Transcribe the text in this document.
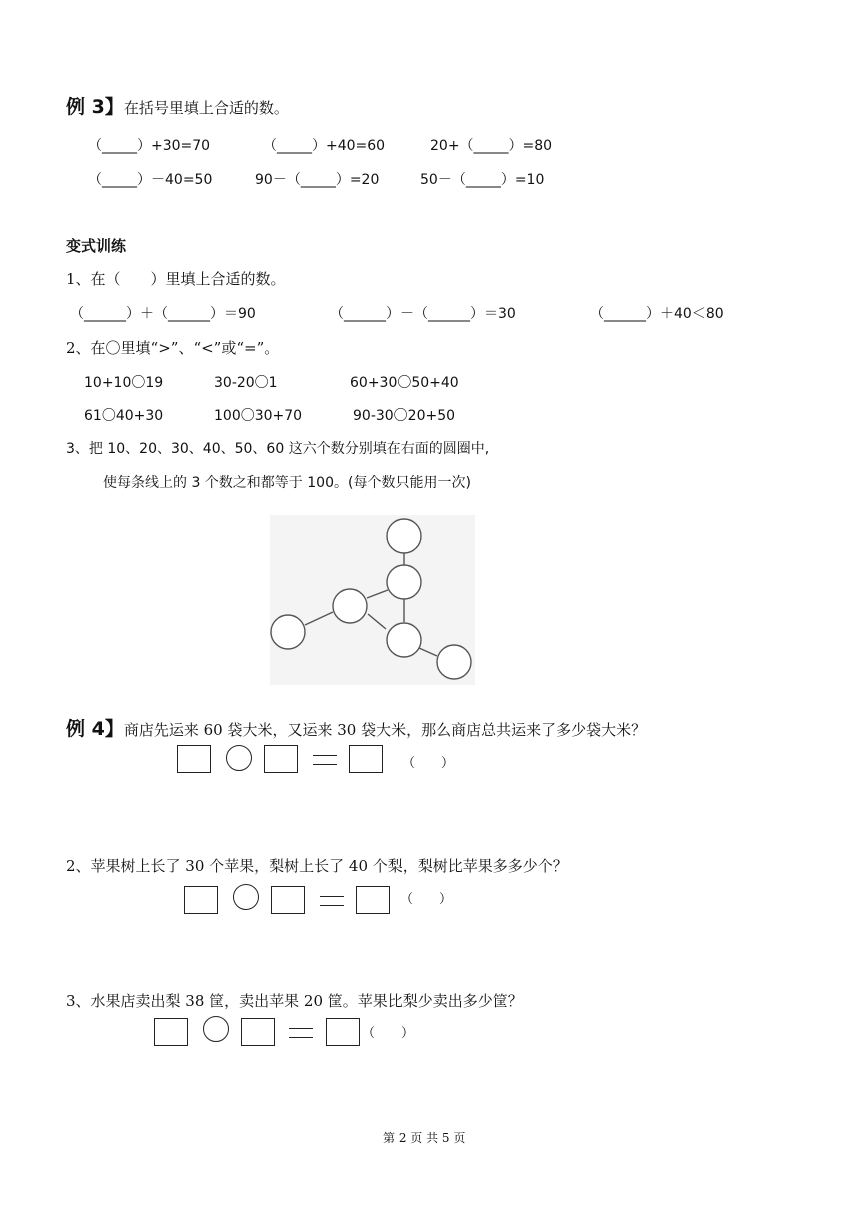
例 3】在括号里填上合适的数。
（_____）+30=70	（_____）+40=60	20+（_____）=80
（_____）－40=50	90－（_____）=20	50－（_____）=10
变式训练
1、在（　　）里填上合适的数。
（______）＋（______）＝90	（______）－（______）＝30	（______）＋40＜80
2、在〇里填“>”、“<”或“=”。
10+10〇19	30-20〇1	60+30〇50+40
61〇40+30	100〇30+70	90-30〇20+50
3、把 10、20、30、40、50、60 这六个数分别填在右面的圆圈中,
使每条线上的 3 个数之和都等于 100。(每个数只能用一次)
例 4】商店先运来 60 袋大米，又运来 30 袋大米，那么商店总共运来了多少袋大米？
（　　）
2、苹果树上长了 30 个苹果，梨树上长了 40 个梨，梨树比苹果多多少个？
（　　）
3、水果店卖出梨 38 筐，卖出苹果 20 筐。苹果比梨少卖出多少筐？
（　　）
第 2 页 共 5 页
